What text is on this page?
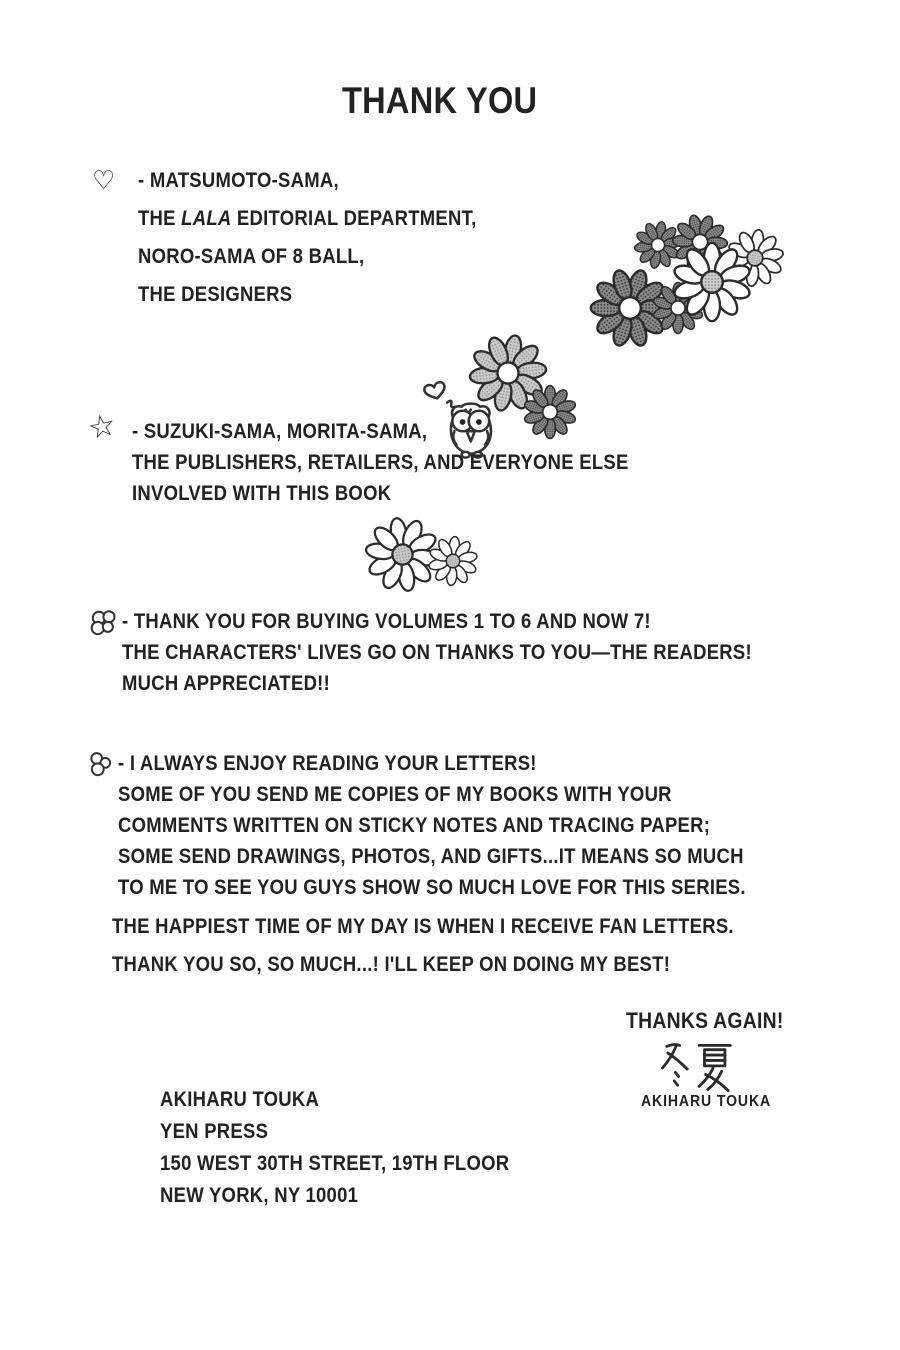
THANK YOU
♡ - MATSUMOTO-SAMA,
THE LALA EDITORIAL DEPARTMENT,
NORO-SAMA OF 8 BALL,
THE DESIGNERS
☆ - SUZUKI-SAMA, MORITA-SAMA,
THE PUBLISHERS, RETAILERS, AND EVERYONE ELSE
INVOLVED WITH THIS BOOK
- THANK YOU FOR BUYING VOLUMES 1 TO 6 AND NOW 7!
THE CHARACTERS' LIVES GO ON THANKS TO YOU—THE READERS!
MUCH APPRECIATED!!
- I ALWAYS ENJOY READING YOUR LETTERS!
SOME OF YOU SEND ME COPIES OF MY BOOKS WITH YOUR
COMMENTS WRITTEN ON STICKY NOTES AND TRACING PAPER;
SOME SEND DRAWINGS, PHOTOS, AND GIFTS...IT MEANS SO MUCH
TO ME TO SEE YOU GUYS SHOW SO MUCH LOVE FOR THIS SERIES.
THE HAPPIEST TIME OF MY DAY IS WHEN I RECEIVE FAN LETTERS.
THANK YOU SO, SO MUCH...! I'LL KEEP ON DOING MY BEST!
THANKS AGAIN!
AKIHARU TOUKA
AKIHARU TOUKA
YEN PRESS
150 WEST 30TH STREET, 19TH FLOOR
NEW YORK, NY 10001
